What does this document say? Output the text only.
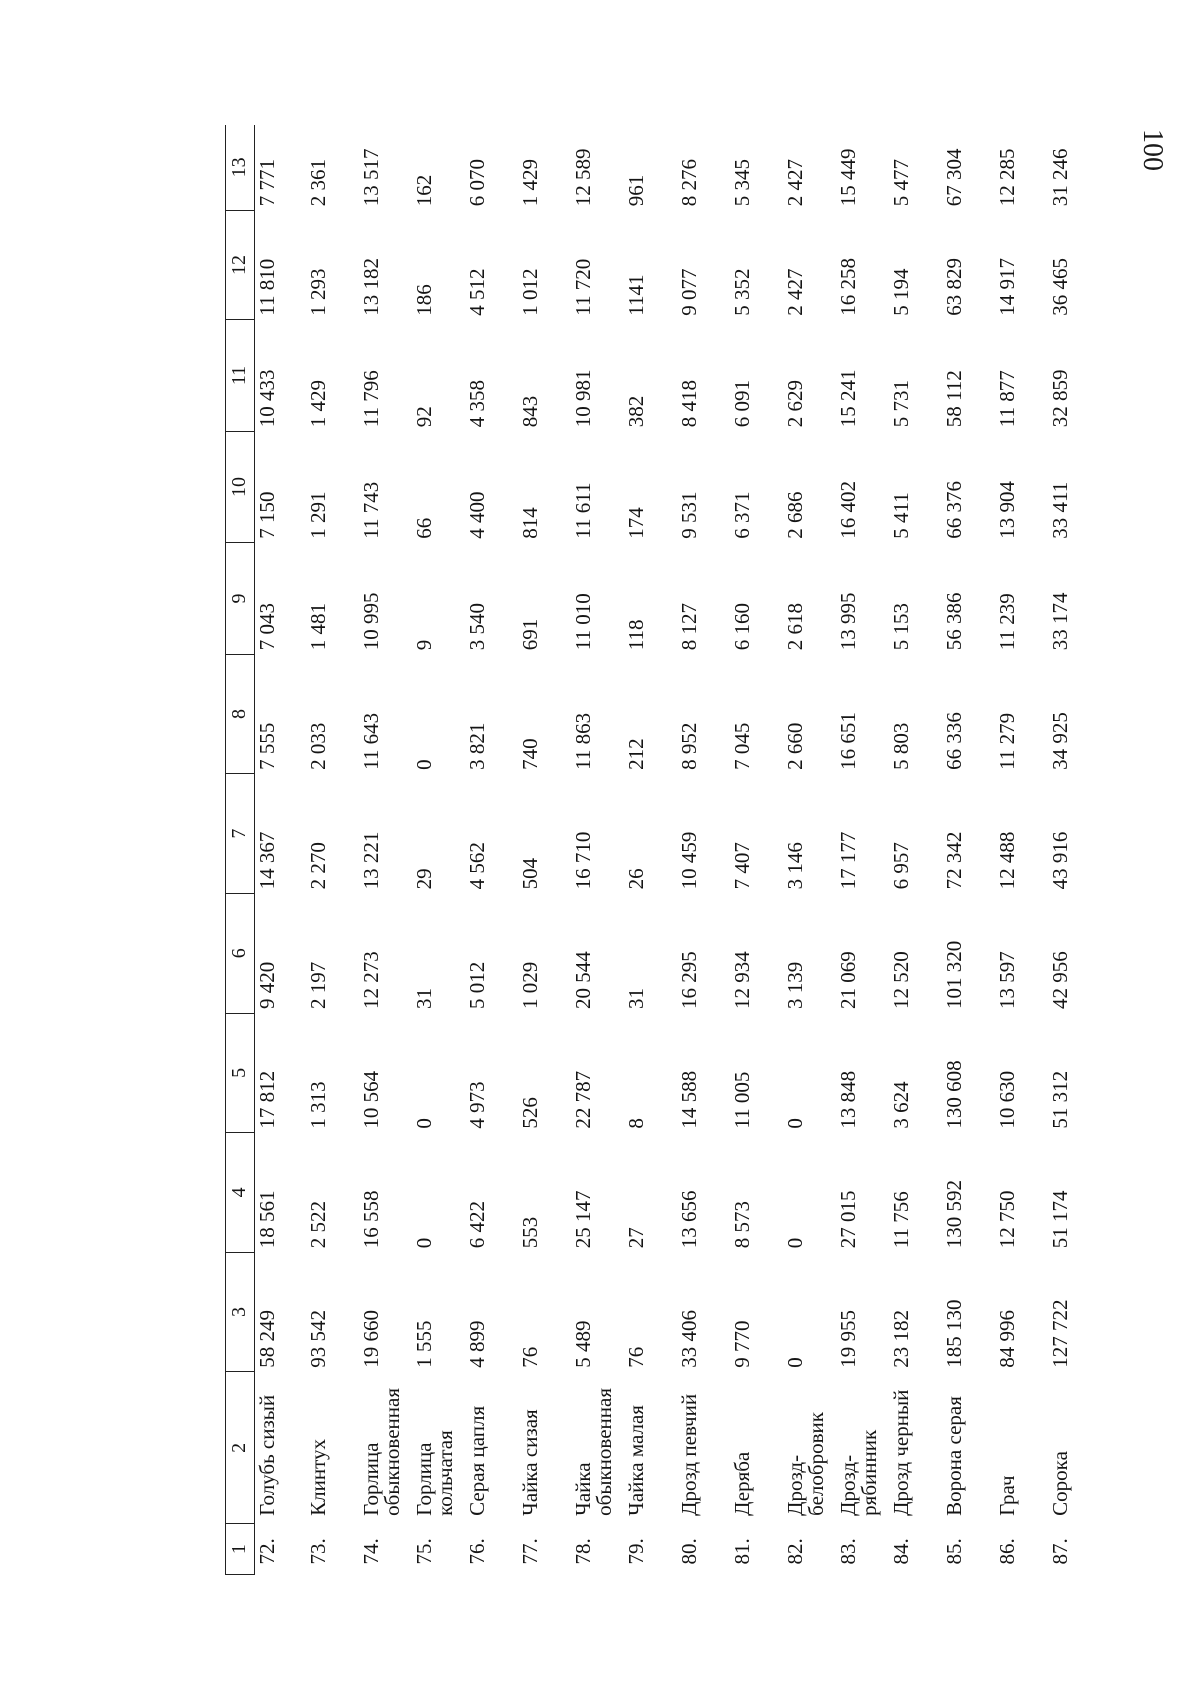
100
1	2	3	4	5	6	7	8	9	10	11	12	13
72.	Голубь сизый	58 249	18 561	17 812	9 420	14 367	7 555	7 043	7 150	10 433	11 810	7 771
73.	Клинтух	93 542	2 522	1 313	2 197	2 270	2 033	1 481	1 291	1 429	1 293	2 361
74.	Горлица обыкновенная	19 660	16 558	10 564	12 273	13 221	11 643	10 995	11 743	11 796	13 182	13 517
75.	Горлица кольчатая	1 555	0	0	31	29	0	9	66	92	186	162
76.	Серая цапля	4 899	6 422	4 973	5 012	4 562	3 821	3 540	4 400	4 358	4 512	6 070
77.	Чайка сизая	76	553	526	1 029	504	740	691	814	843	1 012	1 429
78.	Чайка обыкновенная	5 489	25 147	22 787	20 544	16 710	11 863	11 010	11 611	10 981	11 720	12 589
79.	Чайка малая	76	27	8	31	26	212	118	174	382	1141	961
80.	Дрозд певчий	33 406	13 656	14 588	16 295	10 459	8 952	8 127	9 531	8 418	9 077	8 276
81.	Деряба	9 770	8 573	11 005	12 934	7 407	7 045	6 160	6 371	6 091	5 352	5 345
82.	Дрозд-белобровик	0	0	0	3 139	3 146	2 660	2 618	2 686	2 629	2 427	2 427
83.	Дрозд-рябинник	19 955	27 015	13 848	21 069	17 177	16 651	13 995	16 402	15 241	16 258	15 449
84.	Дрозд черный	23 182	11 756	3 624	12 520	6 957	5 803	5 153	5 411	5 731	5 194	5 477
85.	Ворона серая	185 130	130 592	130 608	101 320	72 342	66 336	56 386	66 376	58 112	63 829	67 304
86.	Грач	84 996	12 750	10 630	13 597	12 488	11 279	11 239	13 904	11 877	14 917	12 285
87.	Сорока	127 722	51 174	51 312	42 956	43 916	34 925	33 174	33 411	32 859	36 465	31 246
